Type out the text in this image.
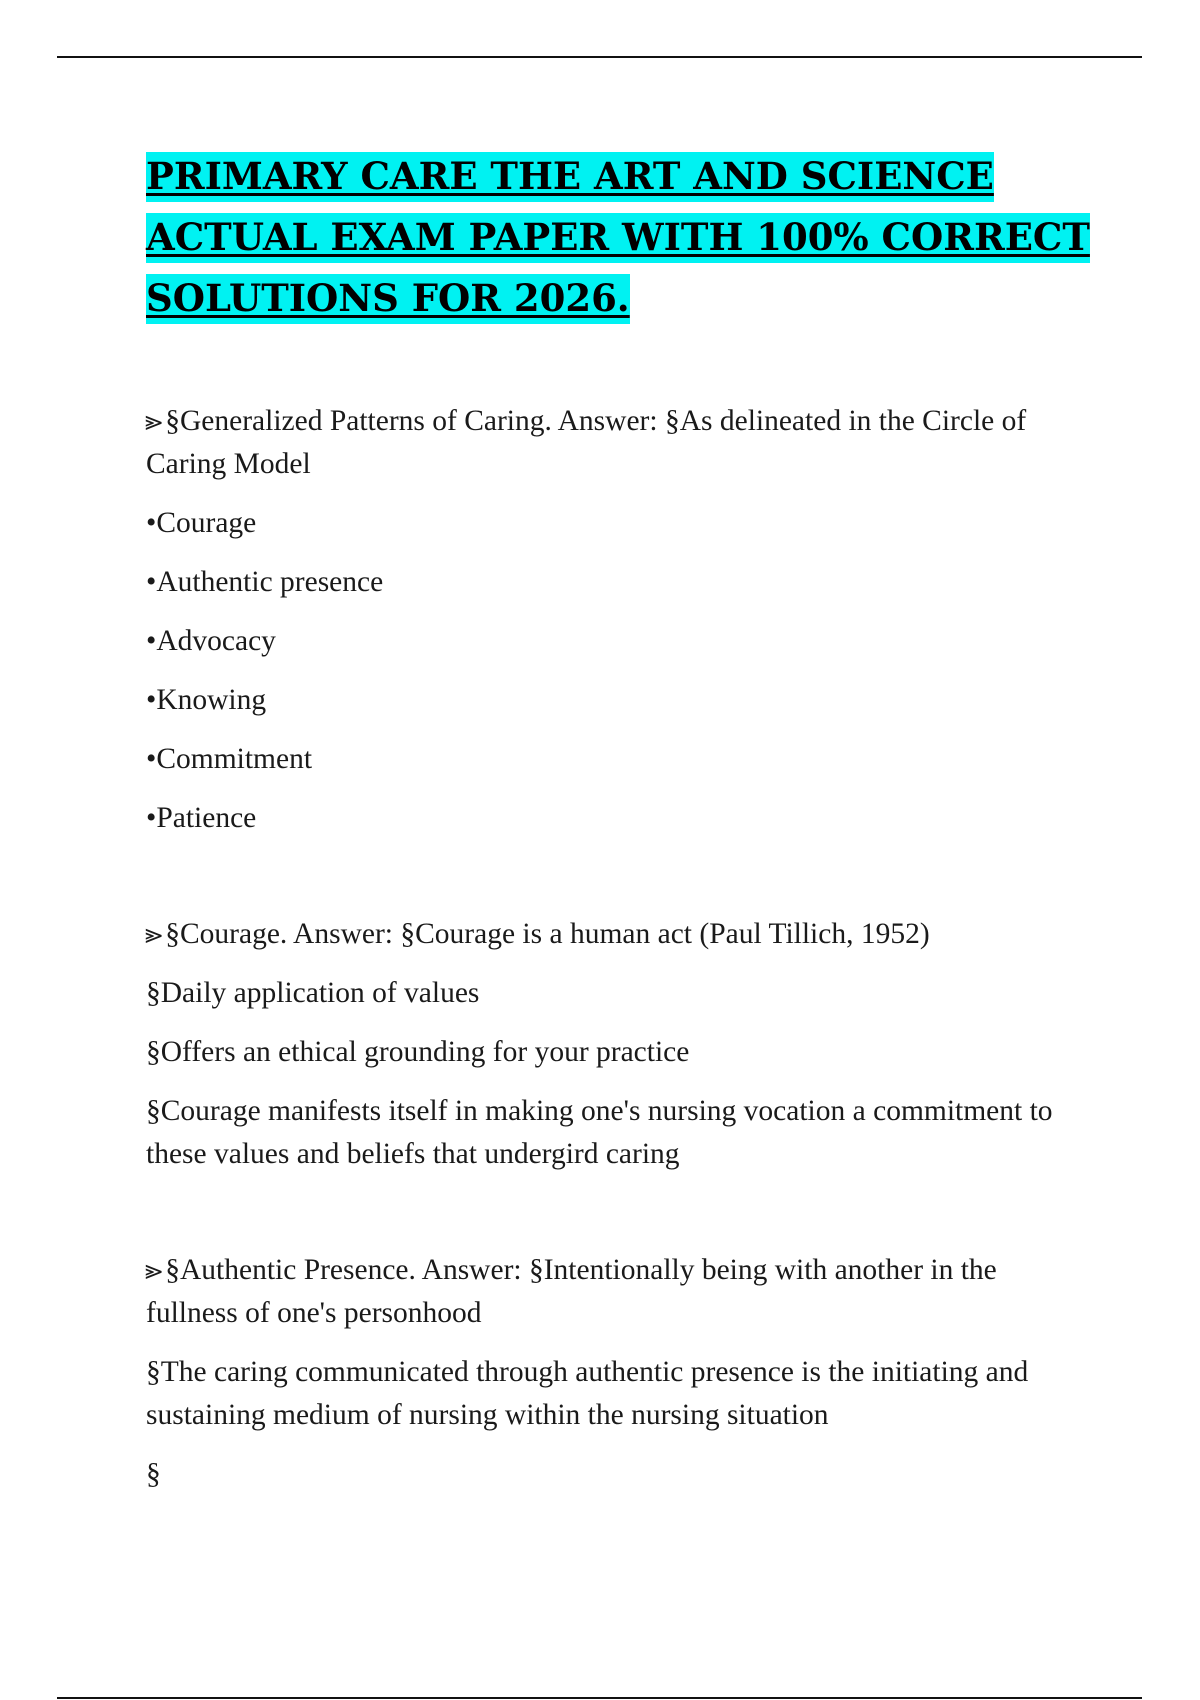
PRIMARY CARE THE ART AND SCIENCE ACTUAL EXAM PAPER WITH 100% CORRECT SOLUTIONS FOR 2026.

⪢§Generalized Patterns of Caring. Answer: §As delineated in the Circle of Caring Model

•Courage

•Authentic presence

•Advocacy

•Knowing

•Commitment

•Patience

⪢§Courage. Answer: §Courage is a human act (Paul Tillich, 1952)

§Daily application of values

§Offers an ethical grounding for your practice

§Courage manifests itself in making one's nursing vocation a commitment to these values and beliefs that undergird caring

⪢§Authentic Presence. Answer: §Intentionally being with another in the fullness of one's personhood

§The caring communicated through authentic presence is the initiating and sustaining medium of nursing within the nursing situation

§
